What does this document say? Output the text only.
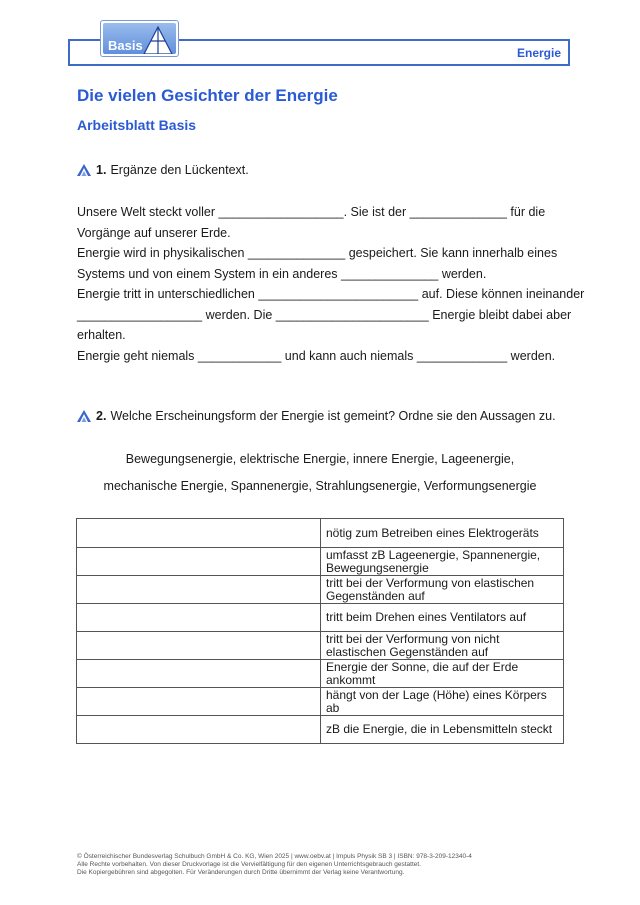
Energie
Basis
Die vielen Gesichter der Energie
Arbeitsblatt Basis
1. Ergänze den Lückentext.
Unsere Welt steckt voller __________________. Sie ist der ______________ für die
Vorgänge auf unserer Erde.
Energie wird in physikalischen ______________ gespeichert. Sie kann innerhalb eines
Systems und von einem System in ein anderes ______________ werden.
Energie tritt in unterschiedlichen _______________________ auf. Diese können ineinander
__________________ werden. Die ______________________ Energie bleibt dabei aber
erhalten.
Energie geht niemals ____________ und kann auch niemals _____________ werden.
2. Welche Erscheinungsform der Energie ist gemeint? Ordne sie den Aussagen zu.
Bewegungsenergie, elektrische Energie, innere Energie, Lageenergie,
mechanische Energie, Spannenergie, Strahlungsenergie, Verformungsenergie
	nötig zum Betreiben eines Elektrogeräts
	umfasst zB Lageenergie, Spannenergie, Bewegungsenergie
	tritt bei der Verformung von elastischen Gegenständen auf
	tritt beim Drehen eines Ventilators auf
	tritt bei der Verformung von nicht elastischen Gegenständen auf
	Energie der Sonne, die auf der Erde ankommt
	hängt von der Lage (Höhe) eines Körpers ab
	zB die Energie, die in Lebensmitteln steckt
© Österreichischer Bundesverlag Schulbuch GmbH & Co. KG, Wien 2025 | www.oebv.at | Impuls Physik SB 3 | ISBN: 978-3-209-12340-4
Alle Rechte vorbehalten. Von dieser Druckvorlage ist die Vervielfältigung für den eigenen Unterrichtsgebrauch gestattet.
Die Kopiergebühren sind abgegolten. Für Veränderungen durch Dritte übernimmt der Verlag keine Verantwortung.
